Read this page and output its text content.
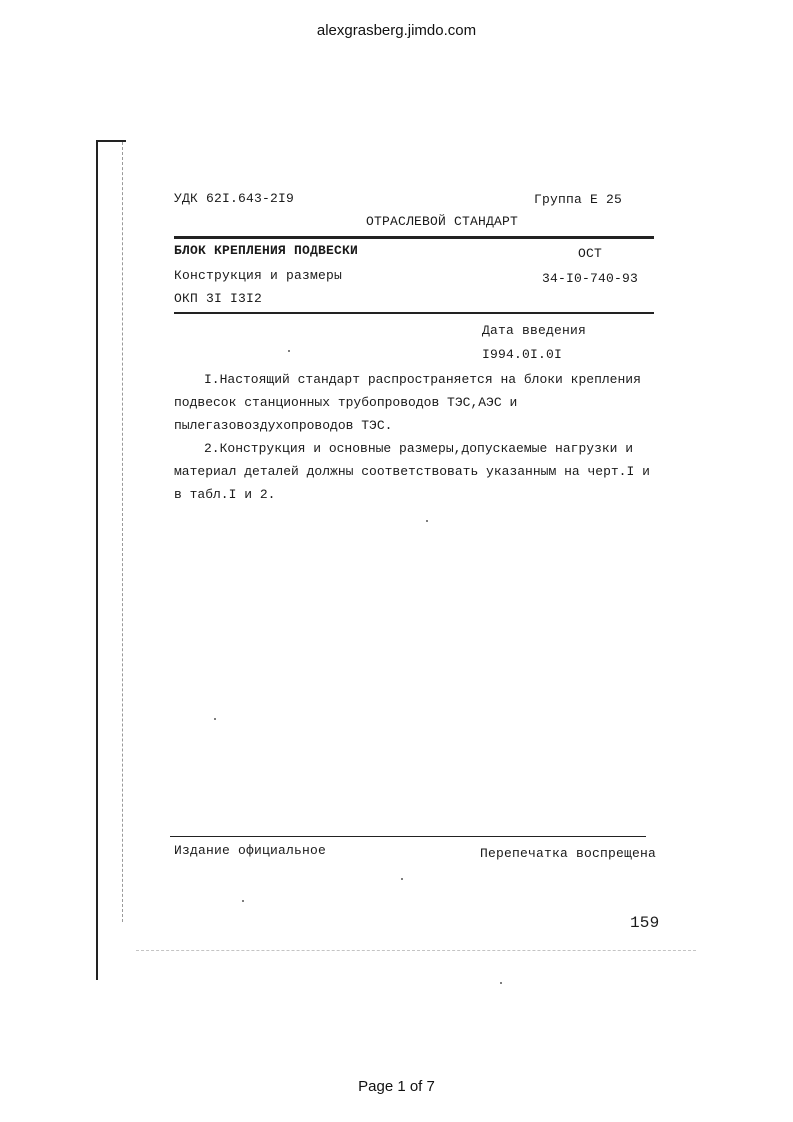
alexgrasberg.jimdo.com
УДК 62I.643-2I9	Группа Е 25
ОТРАСЛЕВОЙ СТАНДАРТ
БЛОК КРЕПЛЕНИЯ ПОДВЕСКИ	ОСТ
Конструкция и размеры	34-I0-740-93
ОКП 3I I3I2
Дата введения
I994.0I.0I

I.Настоящий стандарт распространяется на блоки крепления подвесок станционных трубопроводов ТЭС,АЭС и пылегазовоздухопроводов ТЭС.

2.Конструкция и основные размеры,допускаемые нагрузки и материал деталей должны соответствовать указанным на черт.I и в табл.I и 2.

Издание официальное	Перепечатка воспрещена
159
Page 1 of 7
